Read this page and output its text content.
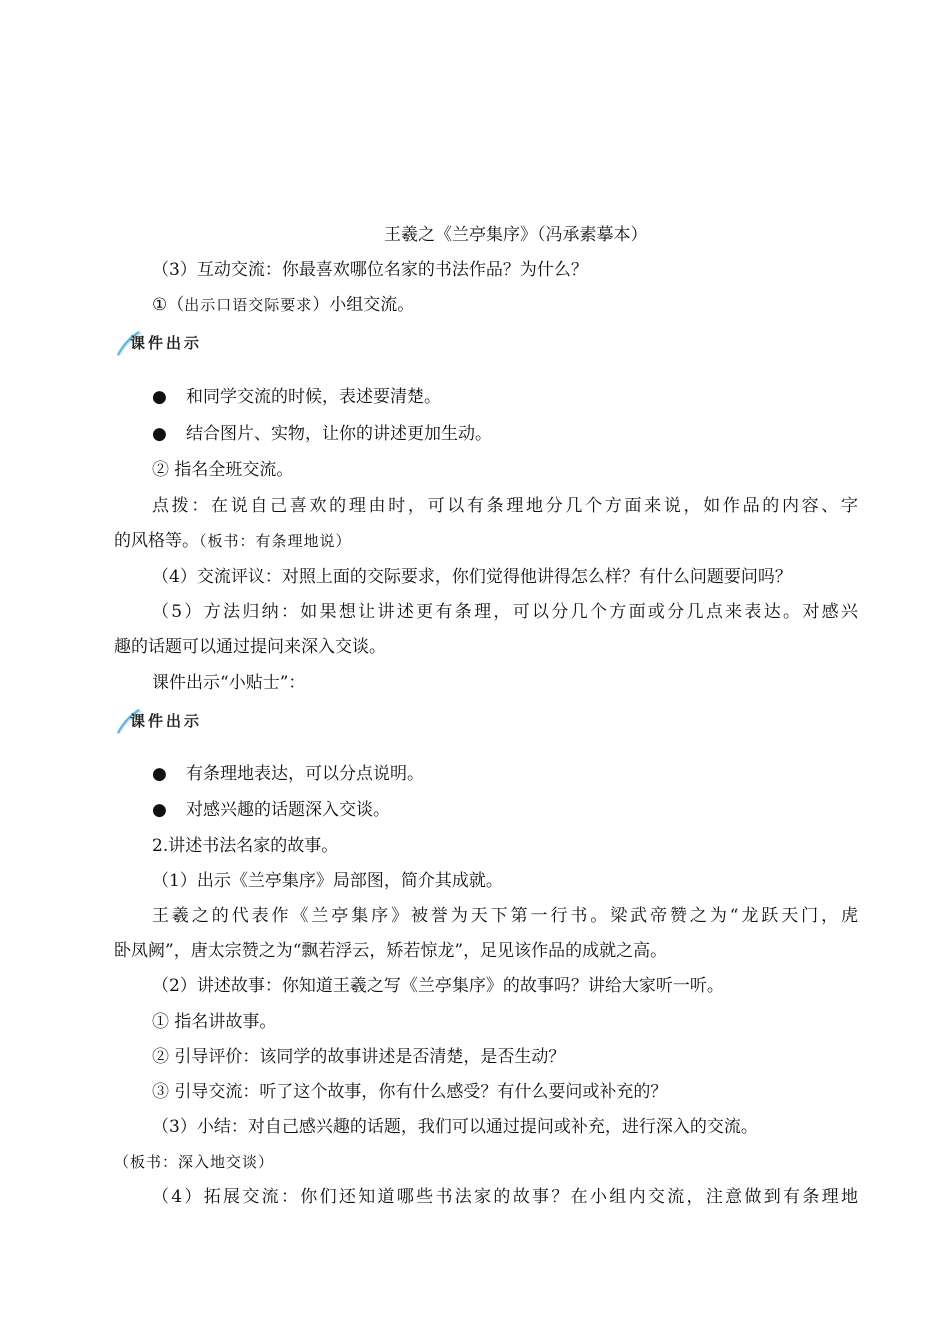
王羲之《兰亭集序》（冯承素摹本）

（3）互动交流：你最喜欢哪位名家的书法作品？为什么？

①（出示口语交际要求）小组交流。

课件出示
● 和同学交流的时候，表述要清楚。
● 结合图片、实物，让你的讲述更加生动。

② 指名全班交流。

点拨：在说自己喜欢的理由时，可以有条理地分几个方面来说，如作品的内容、字

的风格等。（板书：有条理地说）

（4）交流评议：对照上面的交际要求，你们觉得他讲得怎么样？有什么问题要问吗？

（5）方法归纳：如果想让讲述更有条理，可以分几个方面或分几点来表达。对感兴

趣的话题可以通过提问来深入交谈。

课件出示“小贴士”：

课件出示
● 有条理地表达，可以分点说明。
● 对感兴趣的话题深入交谈。

2.讲述书法名家的故事。

（1）出示《兰亭集序》局部图，简介其成就。

王羲之的代表作《兰亭集序》被誉为天下第一行书。梁武帝赞之为“龙跃天门，虎

卧凤阙”，唐太宗赞之为“飘若浮云，矫若惊龙”，足见该作品的成就之高。

（2）讲述故事：你知道王羲之写《兰亭集序》的故事吗？讲给大家听一听。

① 指名讲故事。

② 引导评价：该同学的故事讲述是否清楚，是否生动？

③ 引导交流：听了这个故事，你有什么感受？有什么要问或补充的？

（3）小结：对自己感兴趣的话题，我们可以通过提问或补充，进行深入的交流。

（板书：深入地交谈）

（4）拓展交流：你们还知道哪些书法家的故事？在小组内交流，注意做到有条理地
